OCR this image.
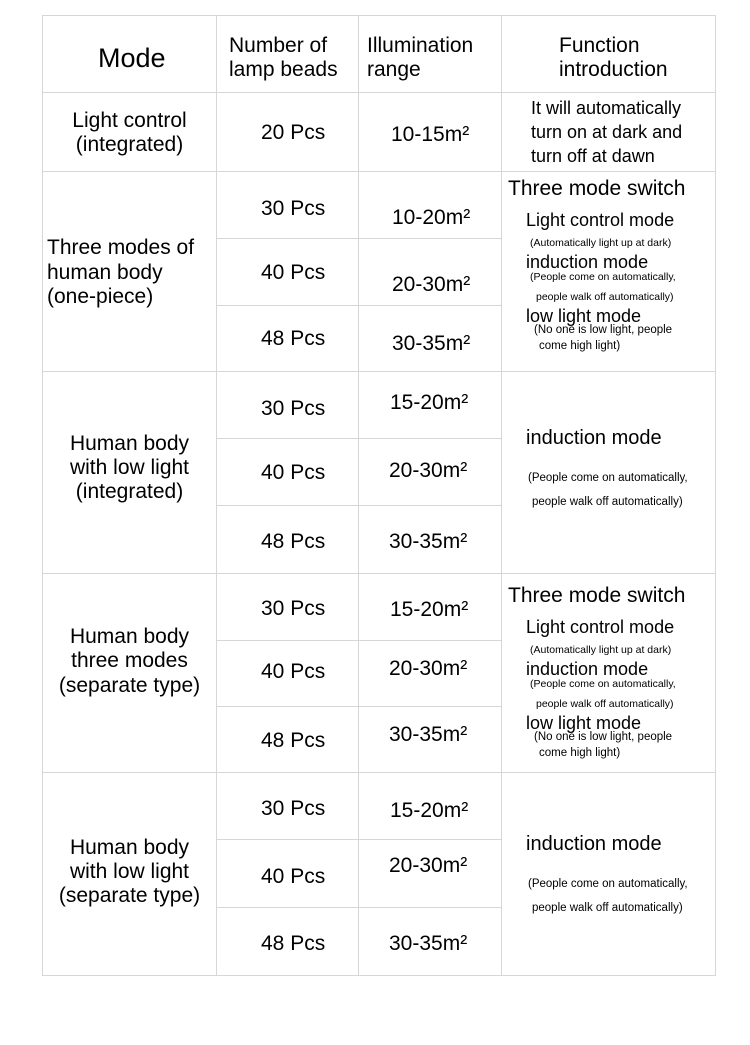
Mode	Number of
lamp beads
Illumination
range
Function
introduction
Light control
(integrated)
20 Pcs	10-15m²
It will automatically
turn on at dark and
turn off at dawn
Three modes of
human body
(one-piece)
30 Pcs
40 Pcs
48 Pcs
10-20m²
20-30m²
30-35m²
Three mode switch
Light control mode
(Automatically light up at dark)
induction mode
(People come on automatically,
people walk off automatically)
low light mode
(No one is low light, people
come high light)
Human body
with low light
(integrated)
30 Pcs
40 Pcs
48 Pcs
15-20m²
20-30m²
30-35m²
induction mode
(People come on automatically,
people walk off automatically)
Human body
three modes
(separate type)
30 Pcs
40 Pcs
48 Pcs
15-20m²
20-30m²
30-35m²
Three mode switch
Light control mode
(Automatically light up at dark)
induction mode
(People come on automatically,
people walk off automatically)
low light mode
(No one is low light, people
come high light)
Human body
with low light
(separate type)
30 Pcs
40 Pcs
48 Pcs
15-20m²
20-30m²
30-35m²
induction mode
(People come on automatically,
people walk off automatically)
